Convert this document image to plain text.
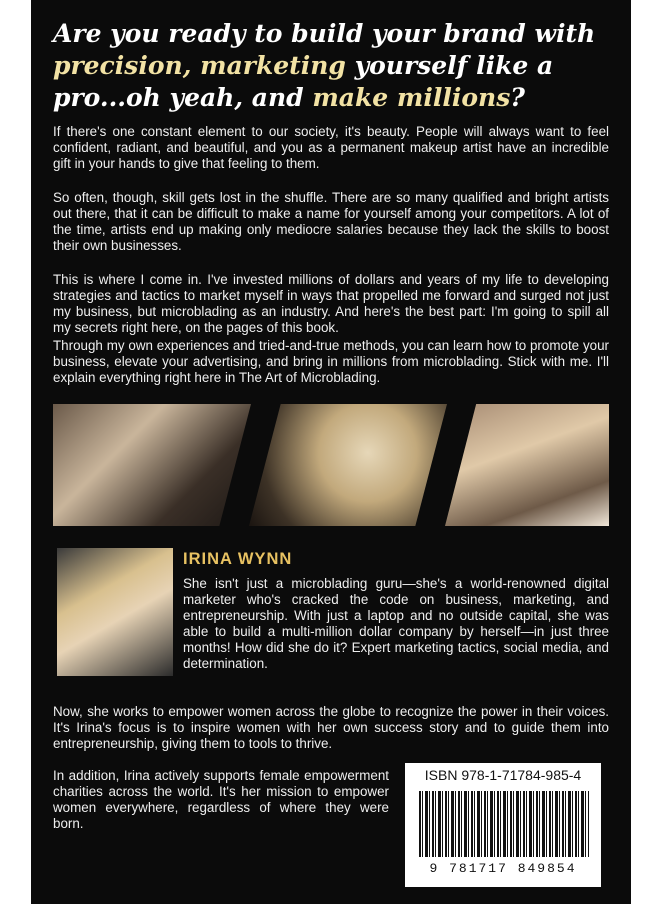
Are you ready to build your brand with precision, marketing yourself like a pro...oh yeah, and make millions?

If there's one constant element to our society, it's beauty. People will always want to feel confident, radiant, and beautiful, and you as a permanent makeup artist have an incredible gift in your hands to give that feeling to them.

So often, though, skill gets lost in the shuffle. There are so many qualified and bright artists out there, that it can be difficult to make a name for yourself among your competitors. A lot of the time, artists end up making only mediocre salaries because they lack the skills to boost their own businesses.

This is where I come in. I've invested millions of dollars and years of my life to developing strategies and tactics to market myself in ways that propelled me forward and surged not just my business, but microblading as an industry. And here's the best part: I'm going to spill all my secrets right here, on the pages of this book.

Through my own experiences and tried-and-true methods, you can learn how to promote your business, elevate your advertising, and bring in millions from microblading. Stick with me. I'll explain everything right here in The Art of Microblading.

IRINA WYNN

She isn't just a microblading guru—she's a world-renowned digital marketer who's cracked the code on business, marketing, and entrepreneurship. With just a laptop and no outside capital, she was able to build a multi-million dollar company by herself—in just three months! How did she do it? Expert marketing tactics, social media, and determination.

Now, she works to empower women across the globe to recognize the power in their voices. It's Irina's focus is to inspire women with her own success story and to guide them into entrepreneurship, giving them to tools to thrive.

In addition, Irina actively supports female empowerment charities across the world. It's her mission to empower women everywhere, regardless of where they were born.

ISBN 978-1-71784-985-4
9 781717 849854
